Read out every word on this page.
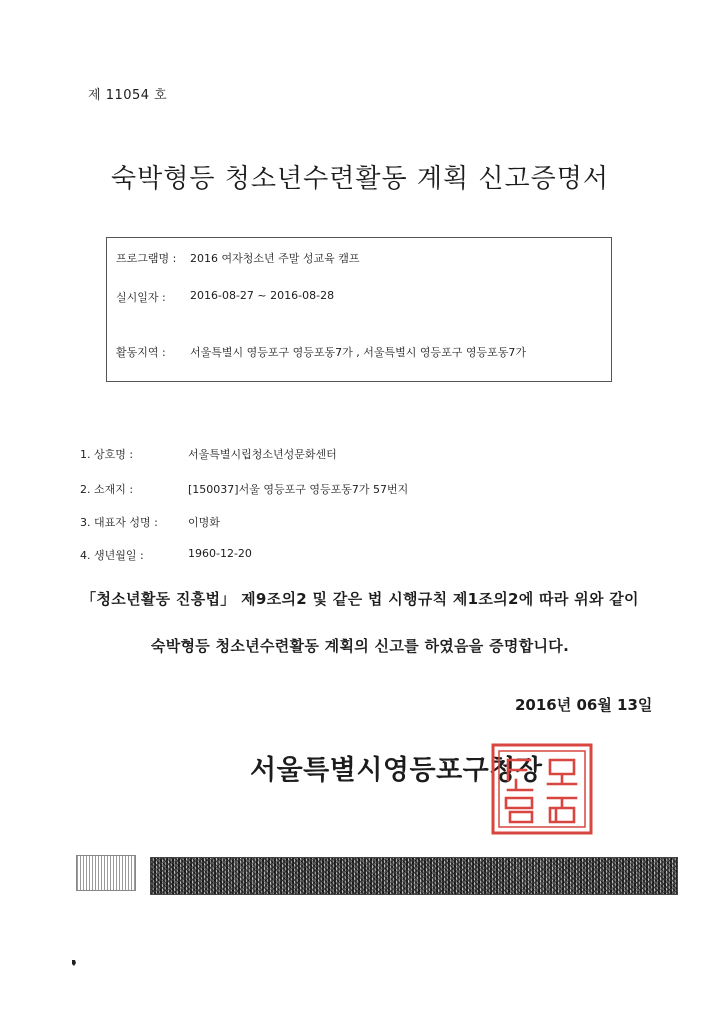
제 11054 호
숙박형등 청소년수련활동 계획 신고증명서
프로그램명 : 2016 여자청소년 주말 성교육 캠프
실시일자 : 2016-08-27 ~ 2016-08-28
활동지역 : 서울특별시 영등포구 영등포동7가 , 서울특별시 영등포구 영등포동7가
1. 상호명 :	서울특별시립청소년성문화센터
2. 소재지 :	[150037]서울 영등포구 영등포동7가 57번지
3. 대표자 성명 :	이명화
4. 생년월일 :	1960-12-20
「청소년활동 진흥법」 제9조의2 및 같은 법 시행규칙 제1조의2에 따라 위와 같이
숙박형등 청소년수련활동 계획의 신고를 하였음을 증명합니다.
2016년 06월 13일
서울특별시영등포구청장
